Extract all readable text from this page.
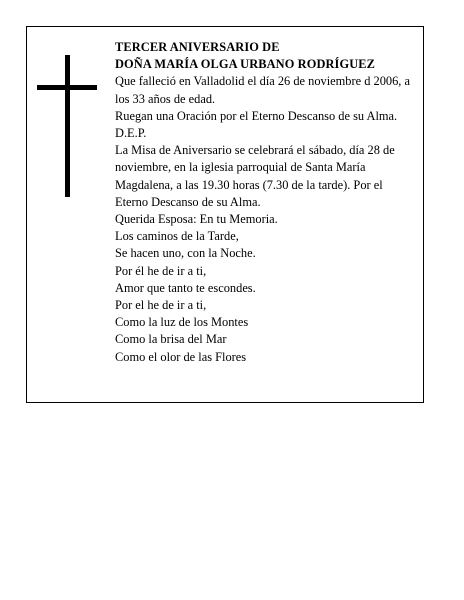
TERCER ANIVERSARIO DE

DOÑA MARÍA OLGA URBANO RODRÍGUEZ

Que falleció en Valladolid el día 26 de noviembre d 2006, a los 33 años de edad.

Ruegan una Oración por el Eterno Descanso de su Alma.

D.E.P.

La Misa de Aniversario se celebrará el sábado, día 28 de noviembre, en la iglesia parroquial de Santa María Magdalena, a las 19.30 horas (7.30 de la tarde). Por el Eterno Descanso de su Alma.

Querida Esposa: En tu Memoria.

Los caminos de la Tarde,

Se hacen uno, con la Noche.

Por él he de ir a ti,

Amor que tanto te escondes.

Por el he de ir a ti,

Como la luz de los Montes

Como la brisa del Mar

Como el olor de las Flores
